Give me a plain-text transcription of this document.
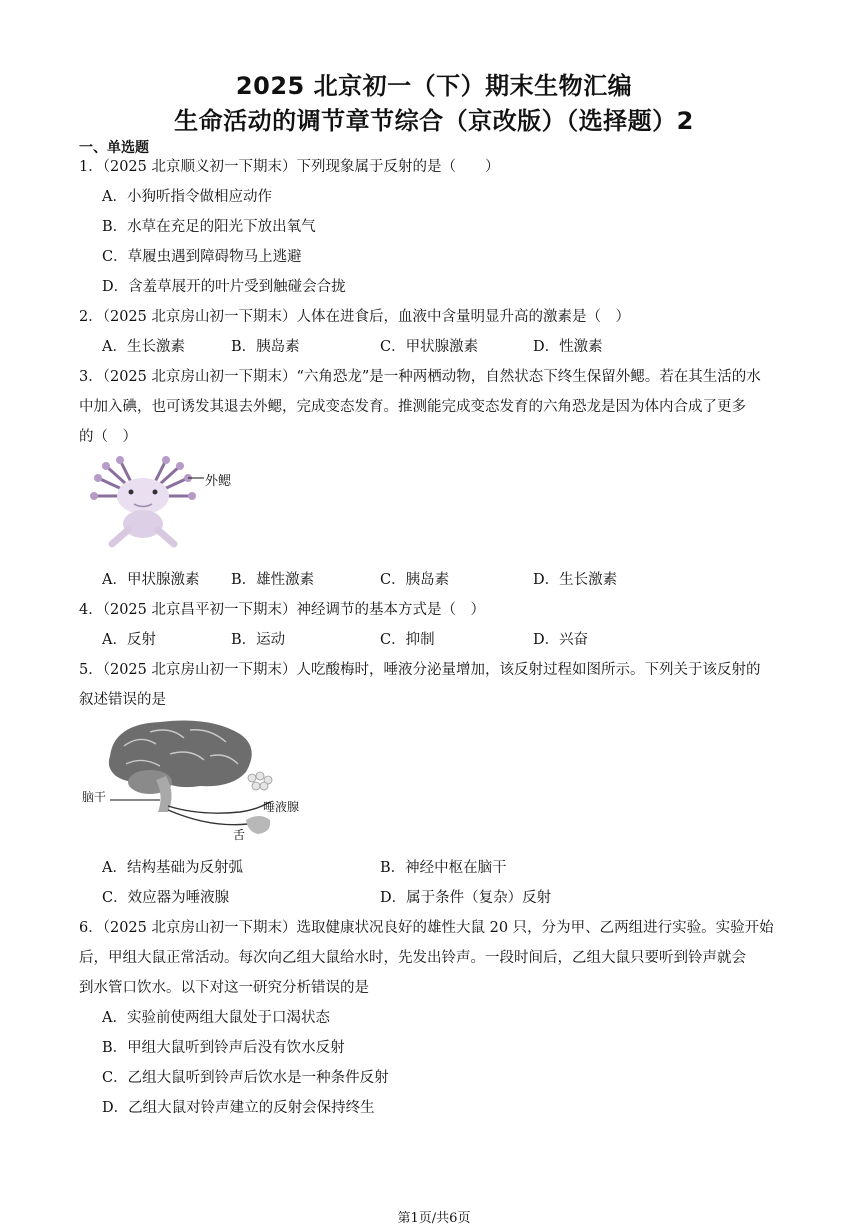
2025 北京初一（下）期末生物汇编
生命活动的调节章节综合（京改版）（选择题）2
一、单选题
1．（2025 北京顺义初一下期末）下列现象属于反射的是（　　）
A．小狗听指令做相应动作
B．水草在充足的阳光下放出氧气
C．草履虫遇到障碍物马上逃避
D．含羞草展开的叶片受到触碰会合拢
2．（2025 北京房山初一下期末）人体在进食后，血液中含量明显升高的激素是（　）
A．生长激素	B．胰岛素	C．甲状腺激素	D．性激素
3．（2025 北京房山初一下期末）“六角恐龙”是一种两栖动物，自然状态下终生保留外鳃。若在其生活的水
中加入碘，也可诱发其退去外鳃，完成变态发育。推测能完成变态发育的六角恐龙是因为体内合成了更多
的（　）
外鳃
A．甲状腺激素 B．雄性激素	C．胰岛素	D．生长激素
4．（2025 北京昌平初一下期末）神经调节的基本方式是（　）
A．反射	B．运动	C．抑制	D．兴奋
5．（2025 北京房山初一下期末）人吃酸梅时，唾液分泌量增加，该反射过程如图所示。下列关于该反射的
叙述错误的是
脑干
唾液腺
舌
A．结构基础为反射弧	B．神经中枢在脑干
C．效应器为唾液腺	D．属于条件（复杂）反射
6．（2025 北京房山初一下期末）选取健康状况良好的雄性大鼠 20 只，分为甲、乙两组进行实验。实验开始
后，甲组大鼠正常活动。每次向乙组大鼠给水时，先发出铃声。一段时间后，乙组大鼠只要听到铃声就会
到水管口饮水。以下对这一研究分析错误的是
A．实验前使两组大鼠处于口渴状态
B．甲组大鼠听到铃声后没有饮水反射
C．乙组大鼠听到铃声后饮水是一种条件反射
D．乙组大鼠对铃声建立的反射会保持终生
第1页/共6页
